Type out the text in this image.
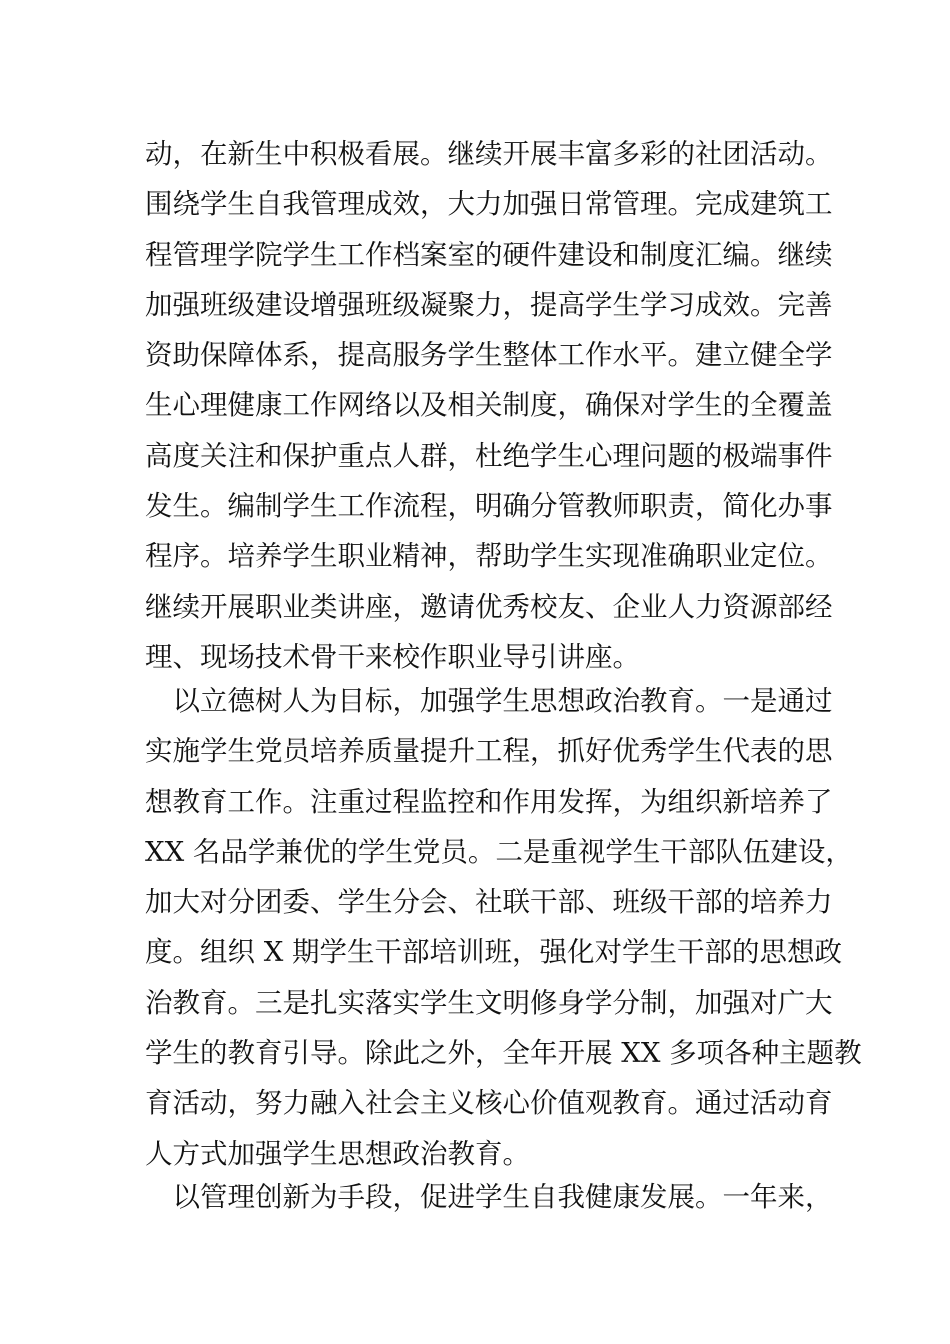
动，在新生中积极看展。继续开展丰富多彩的社团活动。
围绕学生自我管理成效，大力加强日常管理。完成建筑工
程管理学院学生工作档案室的硬件建设和制度汇编。继续
加强班级建设增强班级凝聚力，提高学生学习成效。完善
资助保障体系，提高服务学生整体工作水平。建立健全学
生心理健康工作网络以及相关制度，确保对学生的全覆盖
高度关注和保护重点人群，杜绝学生心理问题的极端事件
发生。编制学生工作流程，明确分管教师职责，简化办事
程序。培养学生职业精神，帮助学生实现准确职业定位。
继续开展职业类讲座，邀请优秀校友、企业人力资源部经
理、现场技术骨干来校作职业导引讲座。
　以立德树人为目标，加强学生思想政治教育。一是通过
实施学生党员培养质量提升工程，抓好优秀学生代表的思
想教育工作。注重过程监控和作用发挥，为组织新培养了
XX 名品学兼优的学生党员。二是重视学生干部队伍建设，
加大对分团委、学生分会、社联干部、班级干部的培养力
度。组织 X 期学生干部培训班，强化对学生干部的思想政
治教育。三是扎实落实学生文明修身学分制，加强对广大
学生的教育引导。除此之外，全年开展 XX 多项各种主题教
育活动，努力融入社会主义核心价值观教育。通过活动育
人方式加强学生思想政治教育。
　以管理创新为手段，促进学生自我健康发展。一年来，
